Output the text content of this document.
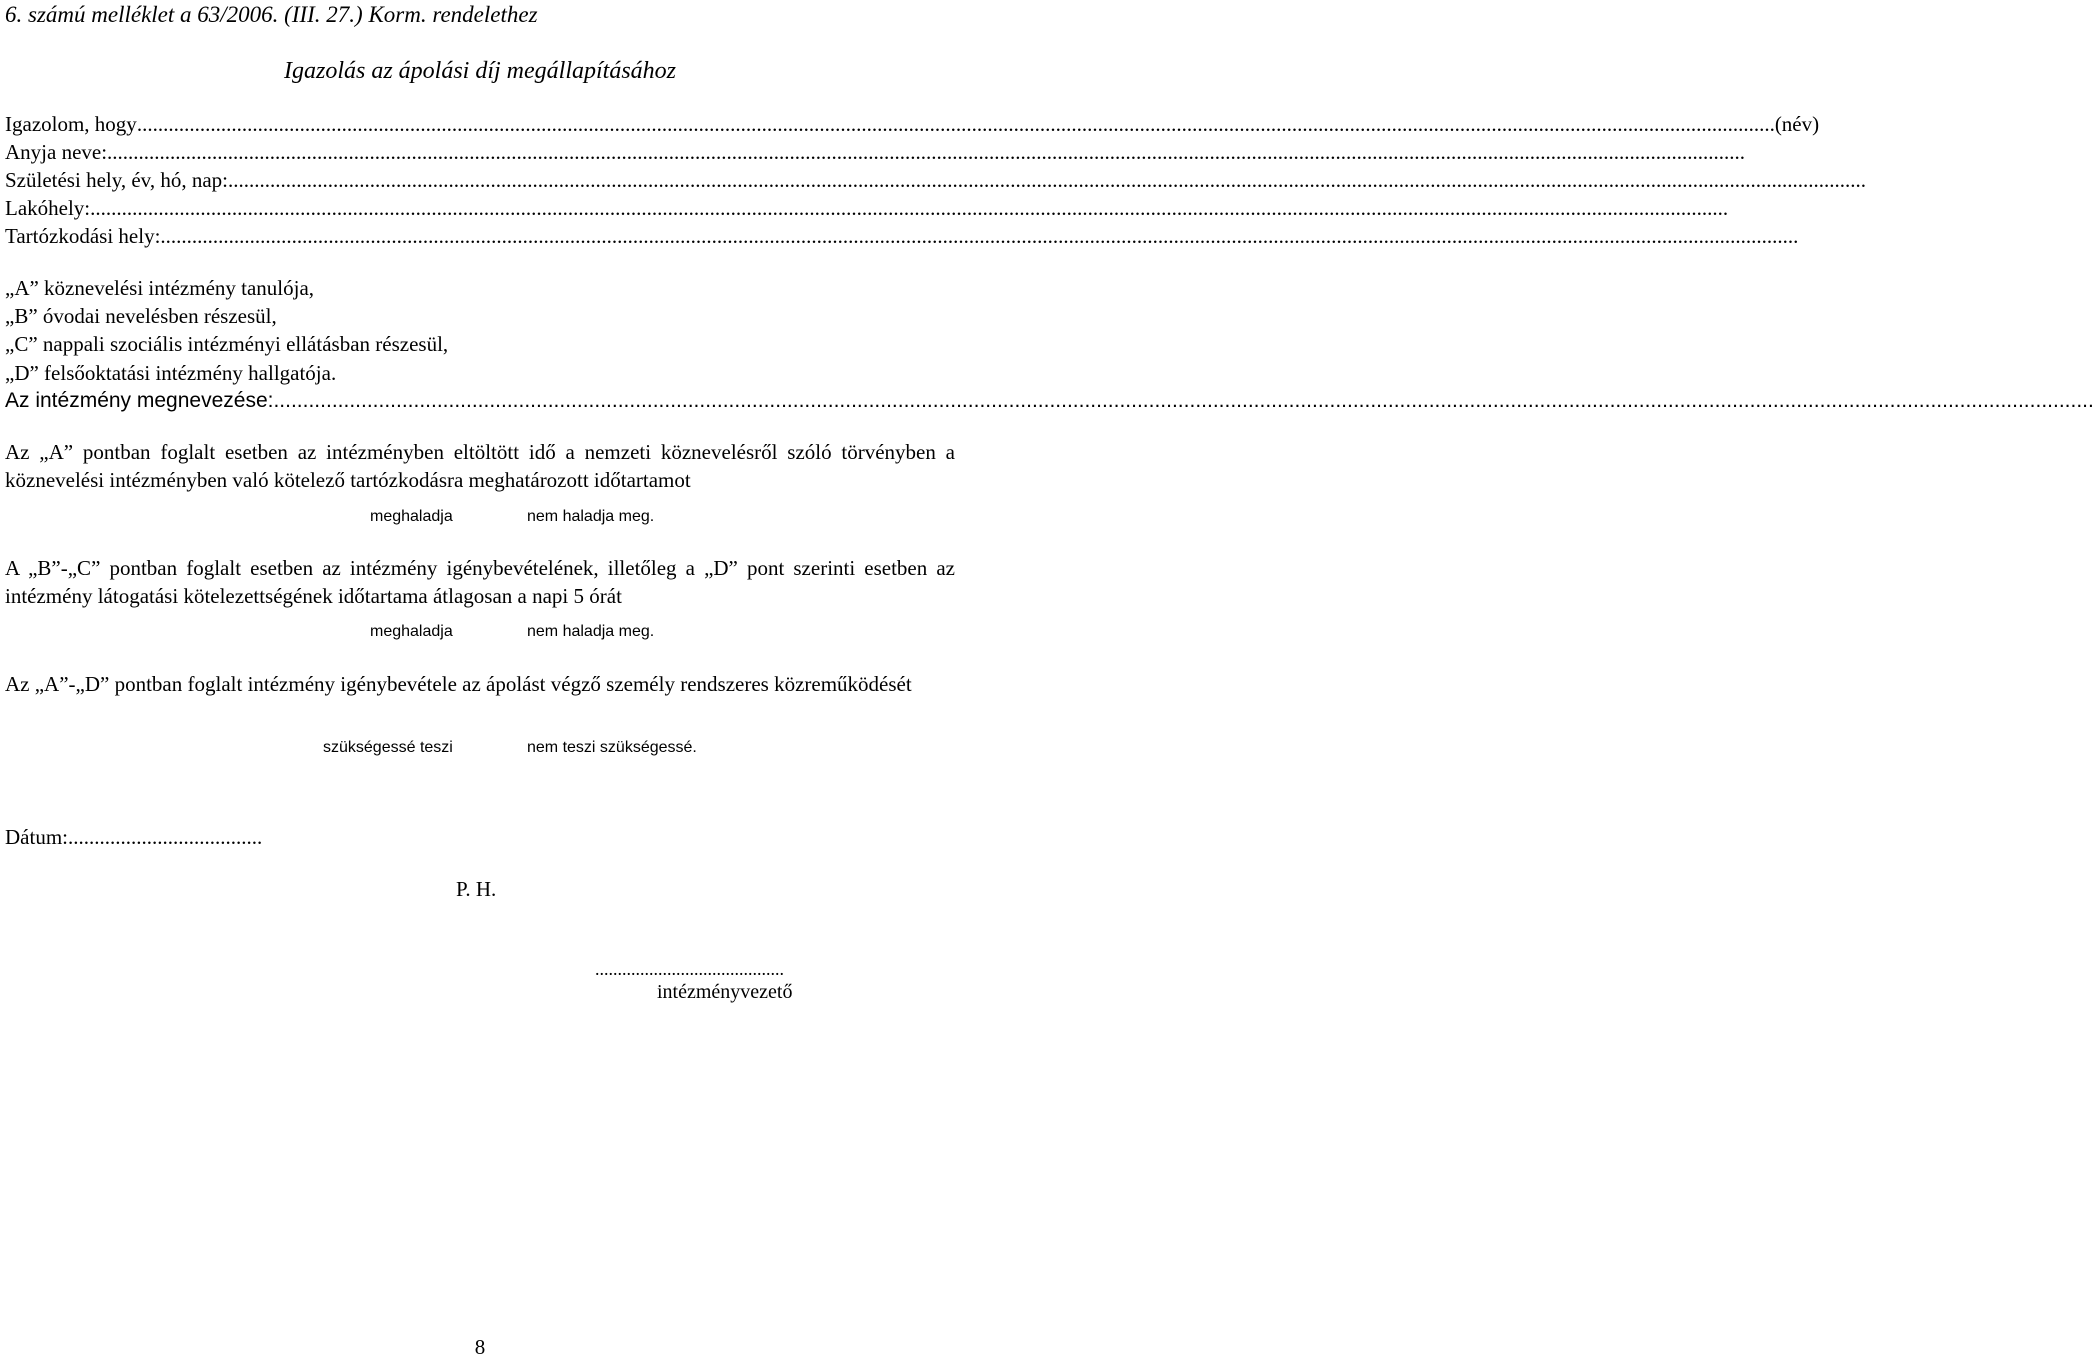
6. számú melléklet a 63/2006. (III. 27.) Korm. rendelethez
Igazolás az ápolási díj megállapításához
Igazolom, hogy ........................................................................................................................................................................................................................................................................................................................ (név)
Anyja neve: ........................................................................................................................................................................................................................................................................................................................
Születési hely, év, hó, nap: ........................................................................................................................................................................................................................................................................................................................
Lakóhely: ........................................................................................................................................................................................................................................................................................................................
Tartózkodási hely: ........................................................................................................................................................................................................................................................................................................................
„A” köznevelési intézmény tanulója,
„B” óvodai nevelésben részesül,
„C” nappali szociális intézményi ellátásban részesül,
„D” felsőoktatási intézmény hallgatója.
Az intézmény megnevezése: ........................................................................................................................................................................................................................................................................................................................
Az „A” pontban foglalt esetben az intézményben eltöltött idő a nemzeti köznevelésről szóló törvényben a köznevelési intézményben való kötelező tartózkodásra meghatározott időtartamot
meghaladja	nem haladja meg.
A „B”-„C” pontban foglalt esetben az intézmény igénybevételének, illetőleg a „D” pont szerinti esetben az intézmény látogatási kötelezettségének időtartama átlagosan a napi 5 órát
meghaladja	nem haladja meg.
Az „A”-„D” pontban foglalt intézmény igénybevétele az ápolást végző személy rendszeres közreműködését
szükségessé teszi	nem teszi szükségessé.
Dátum:.....................................
P. H.
..........................................
intézményvezető
8
